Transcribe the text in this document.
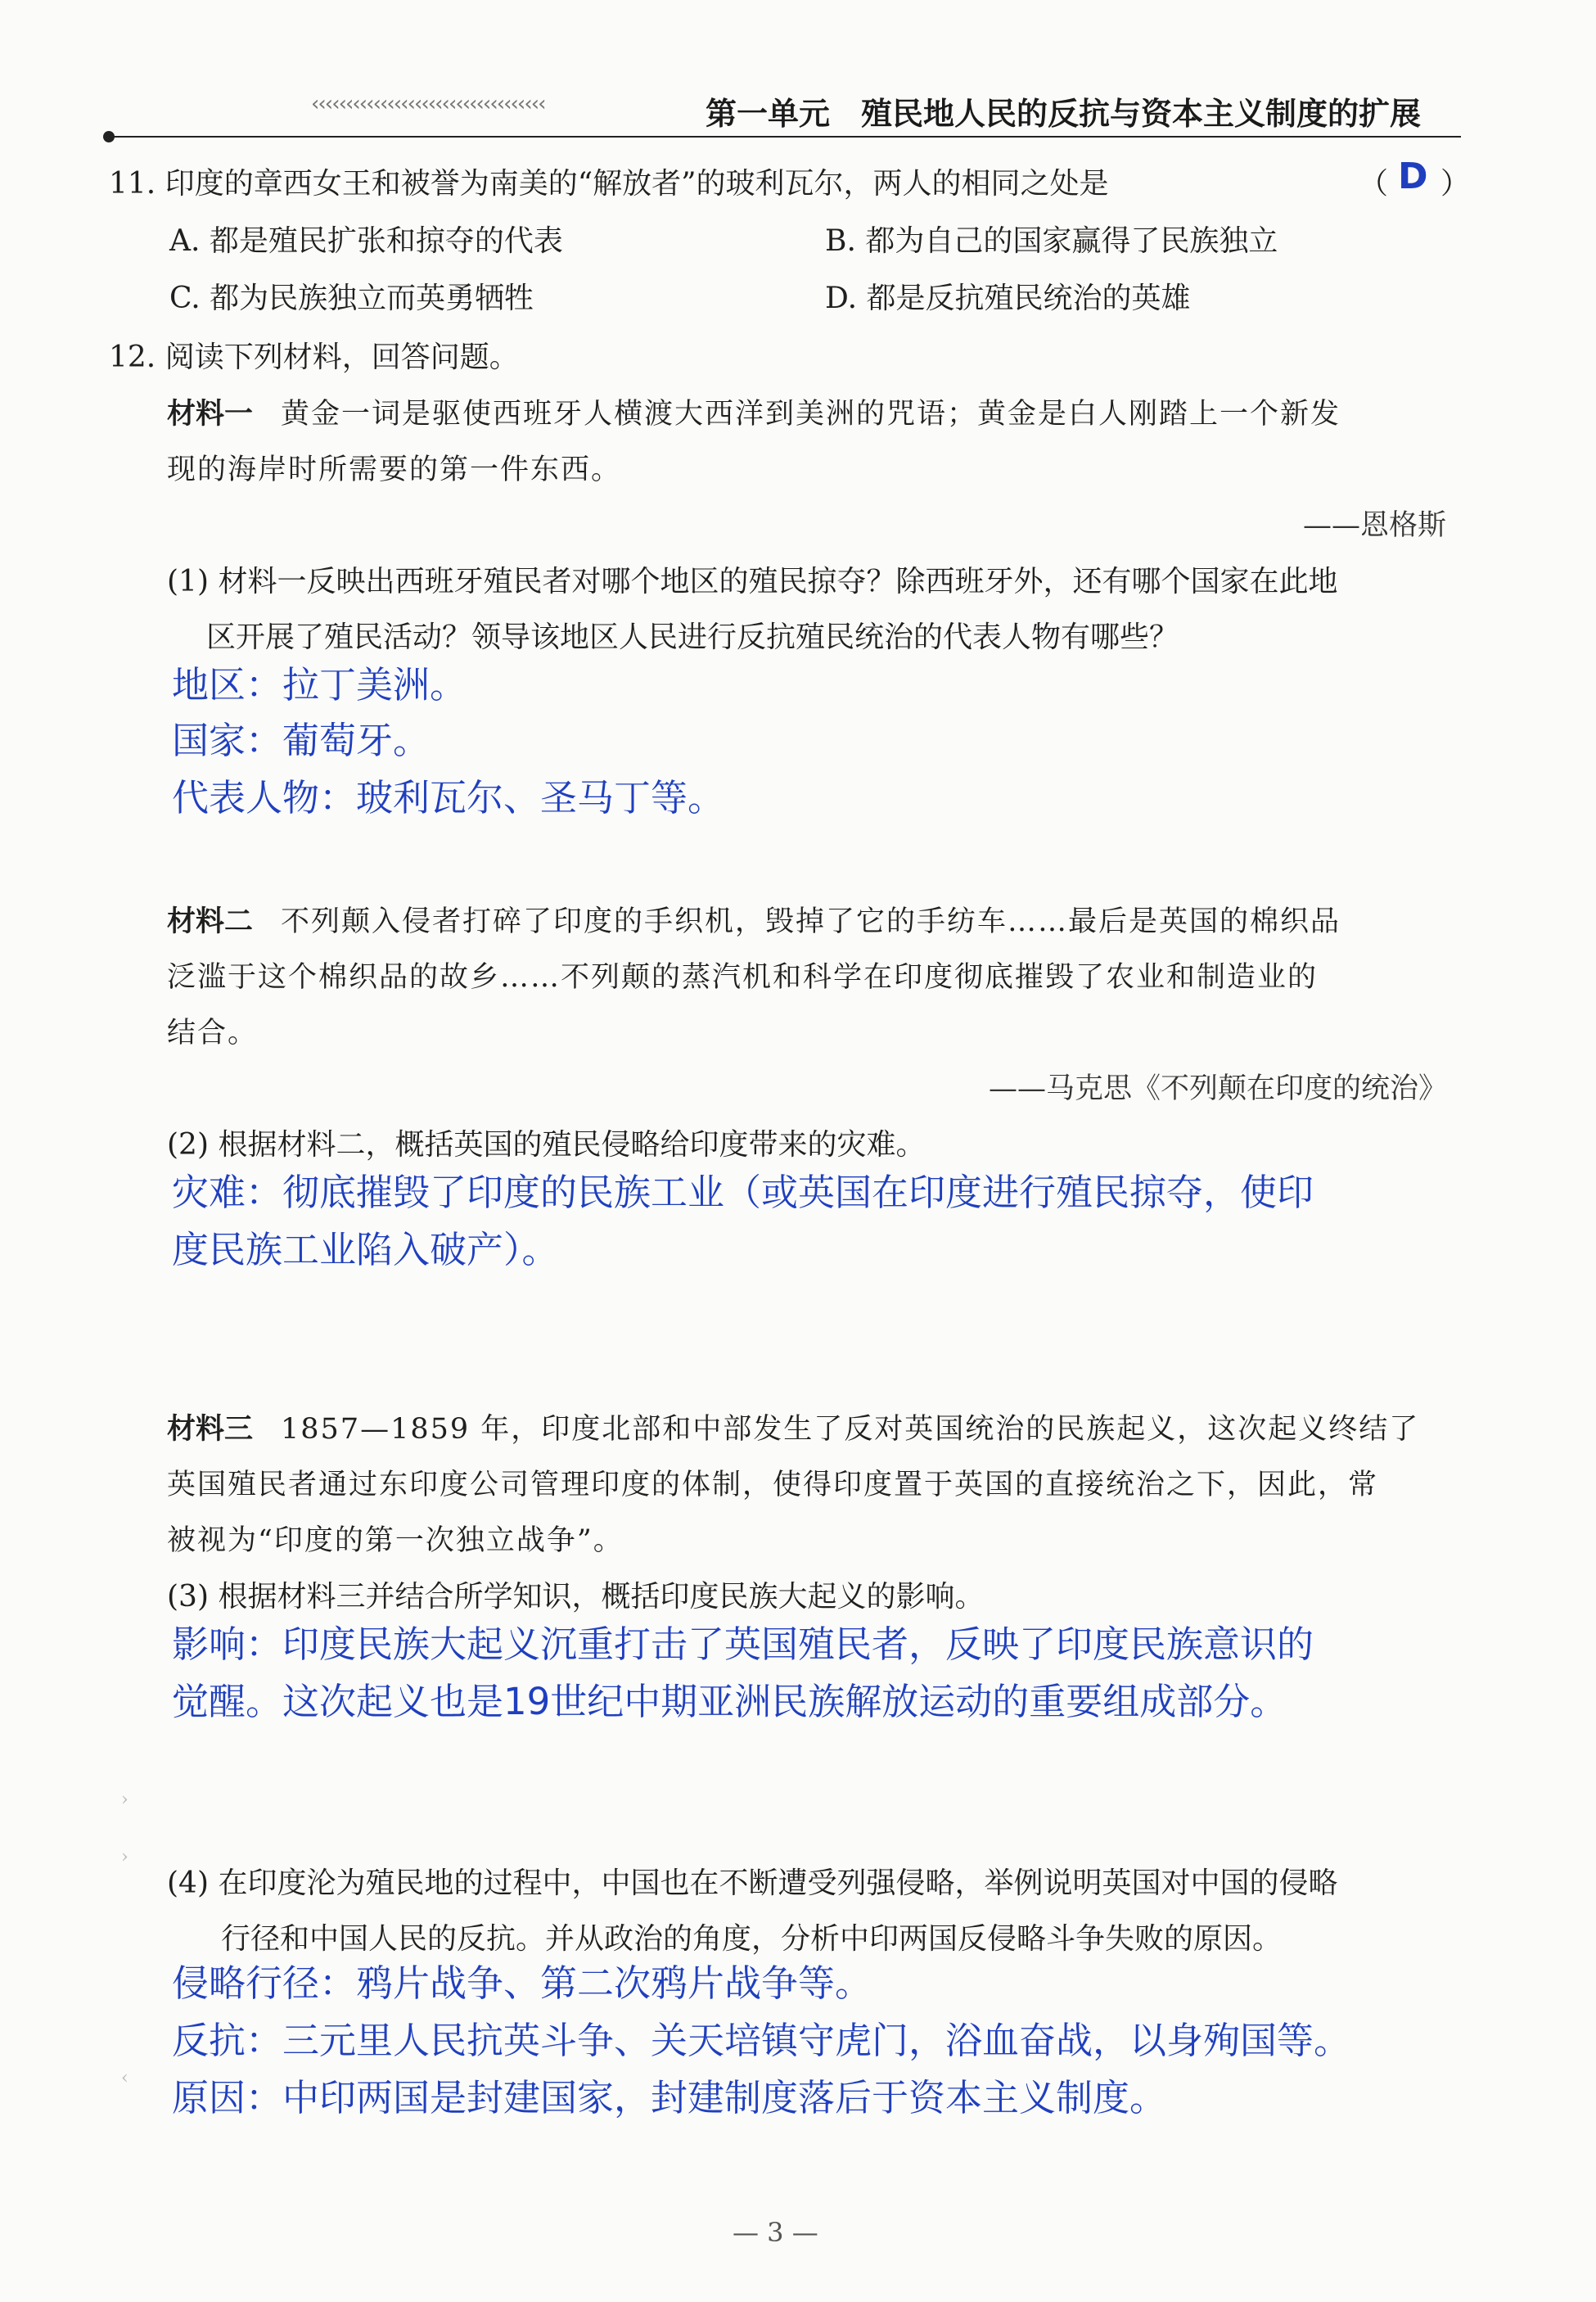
‹‹‹‹‹‹‹‹‹‹‹‹‹‹‹‹‹‹‹‹‹‹‹‹‹‹‹‹‹‹‹‹‹‹	第一单元　殖民地人民的反抗与资本主义制度的扩展
11. 印度的章西女王和被誉为南美的“解放者”的玻利瓦尔，两人的相同之处是	（ D ）
A. 都是殖民扩张和掠夺的代表	B. 都为自己的国家赢得了民族独立
C. 都为民族独立而英勇牺牲	D. 都是反抗殖民统治的英雄
12. 阅读下列材料，回答问题。
材料一 黄金一词是驱使西班牙人横渡大西洋到美洲的咒语；黄金是白人刚踏上一个新发
现的海岸时所需要的第一件东西。
——恩格斯
(1) 材料一反映出西班牙殖民者对哪个地区的殖民掠夺？除西班牙外，还有哪个国家在此地
区开展了殖民活动？领导该地区人民进行反抗殖民统治的代表人物有哪些？
地区：拉丁美洲。
国家：葡萄牙。
代表人物：玻利瓦尔、圣马丁等。
材料二 不列颠入侵者打碎了印度的手织机，毁掉了它的手纺车……最后是英国的棉织品
泛滥于这个棉织品的故乡……不列颠的蒸汽机和科学在印度彻底摧毁了农业和制造业的
结合。
——马克思《不列颠在印度的统治》
(2) 根据材料二，概括英国的殖民侵略给印度带来的灾难。
灾难：彻底摧毁了印度的民族工业（或英国在印度进行殖民掠夺，使印
度民族工业陷入破产）。
材料三 1857—1859 年，印度北部和中部发生了反对英国统治的民族起义，这次起义终结了
英国殖民者通过东印度公司管理印度的体制，使得印度置于英国的直接统治之下，因此，常
被视为“印度的第一次独立战争”。
(3) 根据材料三并结合所学知识，概括印度民族大起义的影响。
影响：印度民族大起义沉重打击了英国殖民者，反映了印度民族意识的
觉醒。这次起义也是19世纪中期亚洲民族解放运动的重要组成部分。
›
›
‹
(4) 在印度沦为殖民地的过程中，中国也在不断遭受列强侵略，举例说明英国对中国的侵略
行径和中国人民的反抗。并从政治的角度，分析中印两国反侵略斗争失败的原因。
侵略行径：鸦片战争、第二次鸦片战争等。
反抗：三元里人民抗英斗争、关天培镇守虎门，浴血奋战，以身殉国等。
原因：中印两国是封建国家，封建制度落后于资本主义制度。
— 3 —
